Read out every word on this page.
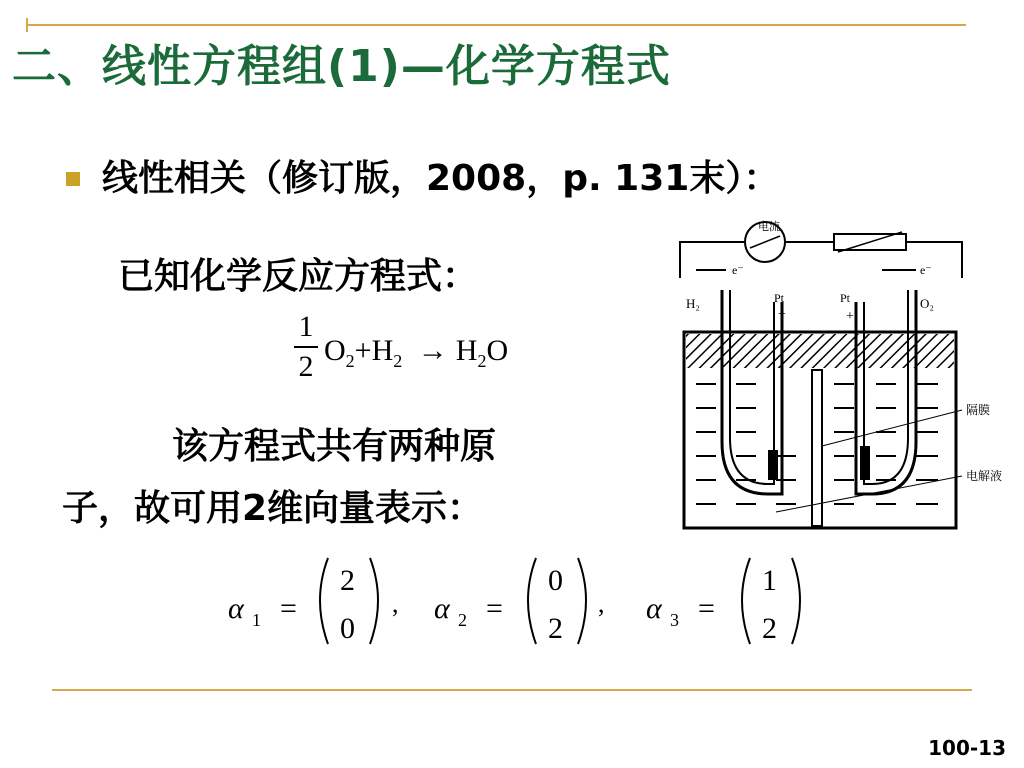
二、线性方程组(1)—化学方程式
线性相关（修订版，2008，p. 131末）：
已知化学反应方程式：
1
2 $O_2+H_2 \to H_2O$
该方程式共有两种原
子，故可用2维向量表示：
α 1 =
2
0
, α 2 =
0
2
, α 3 =
1
2
电流
e⁻	e⁻
H₂	Pt
−
Pt
+
O₂
隔膜
电解液
100-13
